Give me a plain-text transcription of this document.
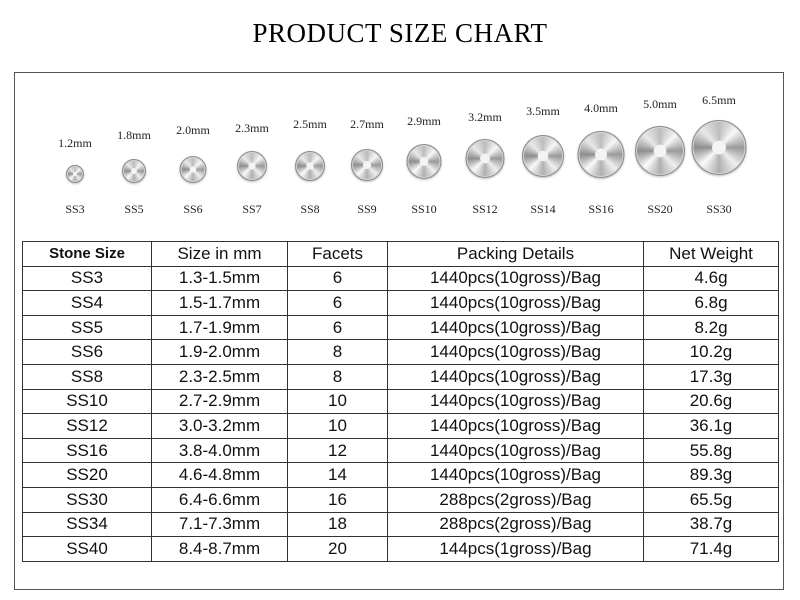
PRODUCT SIZE CHART
1.2mm
SS3
1.8mm
SS5
2.0mm
SS6
2.3mm
SS7
2.5mm
SS8
2.7mm
SS9
2.9mm
SS10
3.2mm
SS12
3.5mm
SS14
4.0mm
SS16
5.0mm
SS20
6.5mm
SS30
Stone Size	Size in mm	Facets	Packing Details	Net Weight
SS3	1.3-1.5mm	6	1440pcs(10gross)/Bag	4.6g
SS4	1.5-1.7mm	6	1440pcs(10gross)/Bag	6.8g
SS5	1.7-1.9mm	6	1440pcs(10gross)/Bag	8.2g
SS6	1.9-2.0mm	8	1440pcs(10gross)/Bag	10.2g
SS8	2.3-2.5mm	8	1440pcs(10gross)/Bag	17.3g
SS10	2.7-2.9mm	10	1440pcs(10gross)/Bag	20.6g
SS12	3.0-3.2mm	10	1440pcs(10gross)/Bag	36.1g
SS16	3.8-4.0mm	12	1440pcs(10gross)/Bag	55.8g
SS20	4.6-4.8mm	14	1440pcs(10gross)/Bag	89.3g
SS30	6.4-6.6mm	16	288pcs(2gross)/Bag	65.5g
SS34	7.1-7.3mm	18	288pcs(2gross)/Bag	38.7g
SS40	8.4-8.7mm	20	144pcs(1gross)/Bag	71.4g
